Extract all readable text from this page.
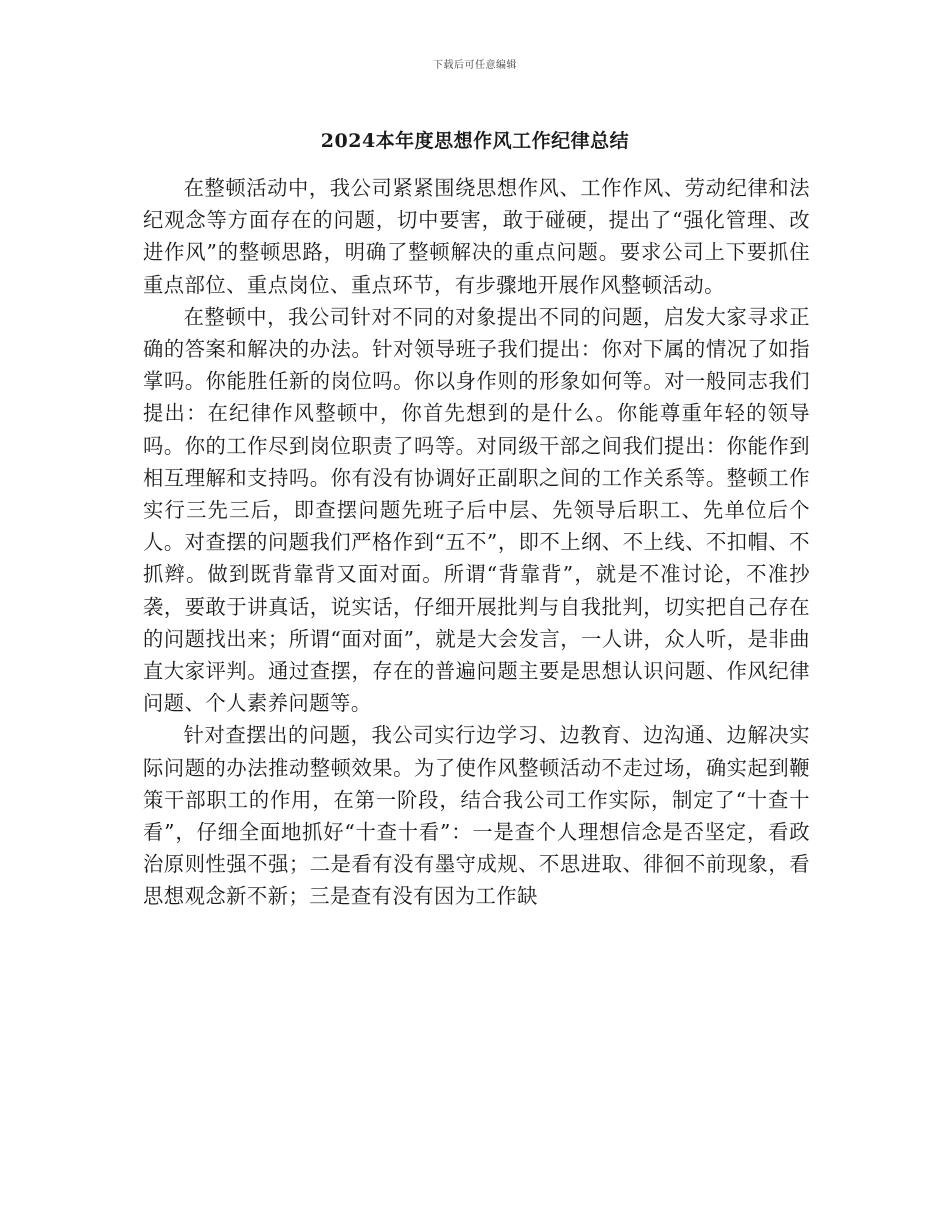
下载后可任意编辑
2024本年度思想作风工作纪律总结

在整顿活动中，我公司紧紧围绕思想作风、工作作风、劳动纪律和法纪观念等方面存在的问题，切中要害，敢于碰硬，提出了“强化管理、改进作风”的整顿思路，明确了整顿解决的重点问题。要求公司上下要抓住重点部位、重点岗位、重点环节，有步骤地开展作风整顿活动。

在整顿中，我公司针对不同的对象提出不同的问题，启发大家寻求正确的答案和解决的办法。针对领导班子我们提出：你对下属的情况了如指掌吗。你能胜任新的岗位吗。你以身作则的形象如何等。对一般同志我们提出：在纪律作风整顿中，你首先想到的是什么。你能尊重年轻的领导吗。你的工作尽到岗位职责了吗等。对同级干部之间我们提出：你能作到相互理解和支持吗。你有没有协调好正副职之间的工作关系等。整顿工作实行三先三后，即查摆问题先班子后中层、先领导后职工、先单位后个人。对查摆的问题我们严格作到“五不”，即不上纲、不上线、不扣帽、不抓辫。做到既背靠背又面对面。所谓“背靠背”，就是不准讨论，不准抄袭，要敢于讲真话，说实话，仔细开展批判与自我批判，切实把自己存在的问题找出来；所谓“面对面”，就是大会发言，一人讲，众人听，是非曲直大家评判。通过查摆，存在的普遍问题主要是思想认识问题、作风纪律问题、个人素养问题等。

针对查摆出的问题，我公司实行边学习、边教育、边沟通、边解决实际问题的办法推动整顿效果。为了使作风整顿活动不走过场，确实起到鞭策干部职工的作用，在第一阶段，结合我公司工作实际，制定了“十查十看”，仔细全面地抓好“十查十看”：一是查个人理想信念是否坚定，看政治原则性强不强；二是看有没有墨守成规、不思进取、徘徊不前现象，看思想观念新不新；三是查有没有因为工作缺
